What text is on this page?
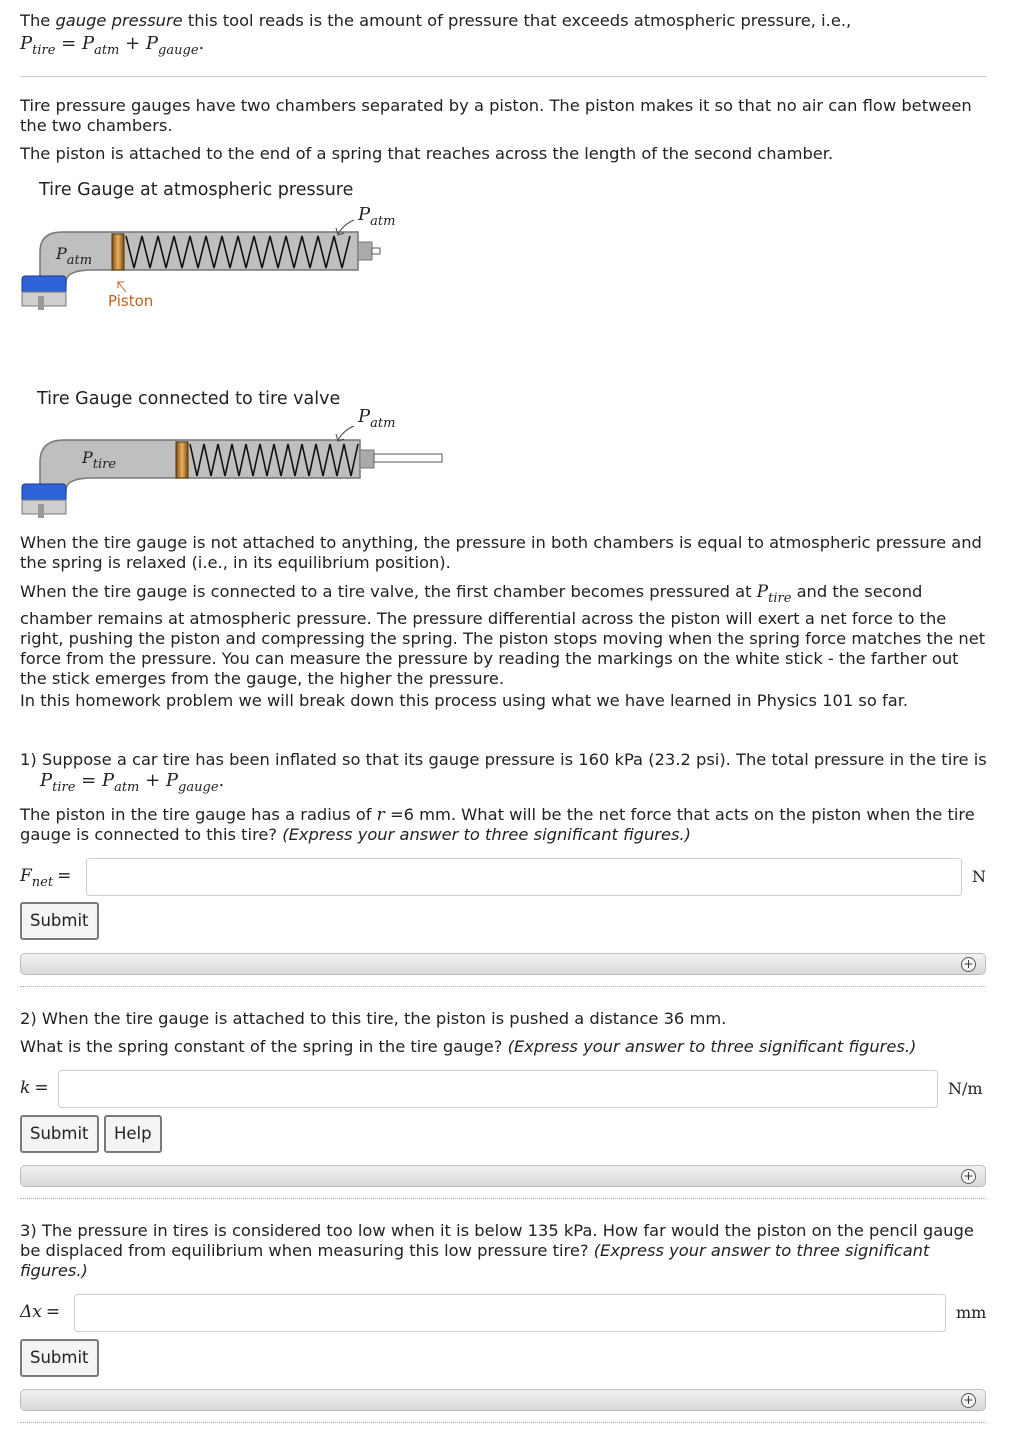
The gauge pressure this tool reads is the amount of pressure that exceeds atmospheric pressure, i.e.,

$P_{tire} = P_{atm} + P_{gauge}$.

Tire pressure gauges have two chambers separated by a piston. The piston makes it so that no air can flow between the two chambers.

The piston is attached to the end of a spring that reaches across the length of the second chamber.

Tire Gauge at atmospheric pressure
$P_{atm}$
$P_{atm}$
Piston
Tire Gauge connected to tire valve
$P_{tire}$
$P_{atm}$

When the tire gauge is not attached to anything, the pressure in both chambers is equal to atmospheric pressure and the spring is relaxed (i.e., in its equilibrium position).

When the tire gauge is connected to a tire valve, the first chamber becomes pressured at $P_{tire}$ and the second chamber remains at atmospheric pressure. The pressure differential across the piston will exert a net force to the right, pushing the piston and compressing the spring. The piston stops moving when the spring force matches the net force from the pressure. You can measure the pressure by reading the markings on the white stick - the farther out the stick emerges from the gauge, the higher the pressure.

In this homework problem we will break down this process using what we have learned in Physics 101 so far.

1) Suppose a car tire has been inflated so that its gauge pressure is 160 kPa (23.2 psi). The total pressure in the tire is

$P_{tire} = P_{atm} + P_{gauge}$.

The piston in the tire gauge has a radius of r =6 mm. What will be the net force that acts on the piston when the tire gauge is connected to this tire? (Express your answer to three significant figures.)

$F_{net}$ =	N
Submit
+

2) When the tire gauge is attached to this tire, the piston is pushed a distance 36 mm.

What is the spring constant of the spring in the tire gauge? (Express your answer to three significant figures.)

k =	N/m
Submit	Help
+

3) The pressure in tires is considered too low when it is below 135 kPa. How far would the piston on the pencil gauge be displaced from equilibrium when measuring this low pressure tire? (Express your answer to three significant figures.)

Δx =	mm
Submit
+
